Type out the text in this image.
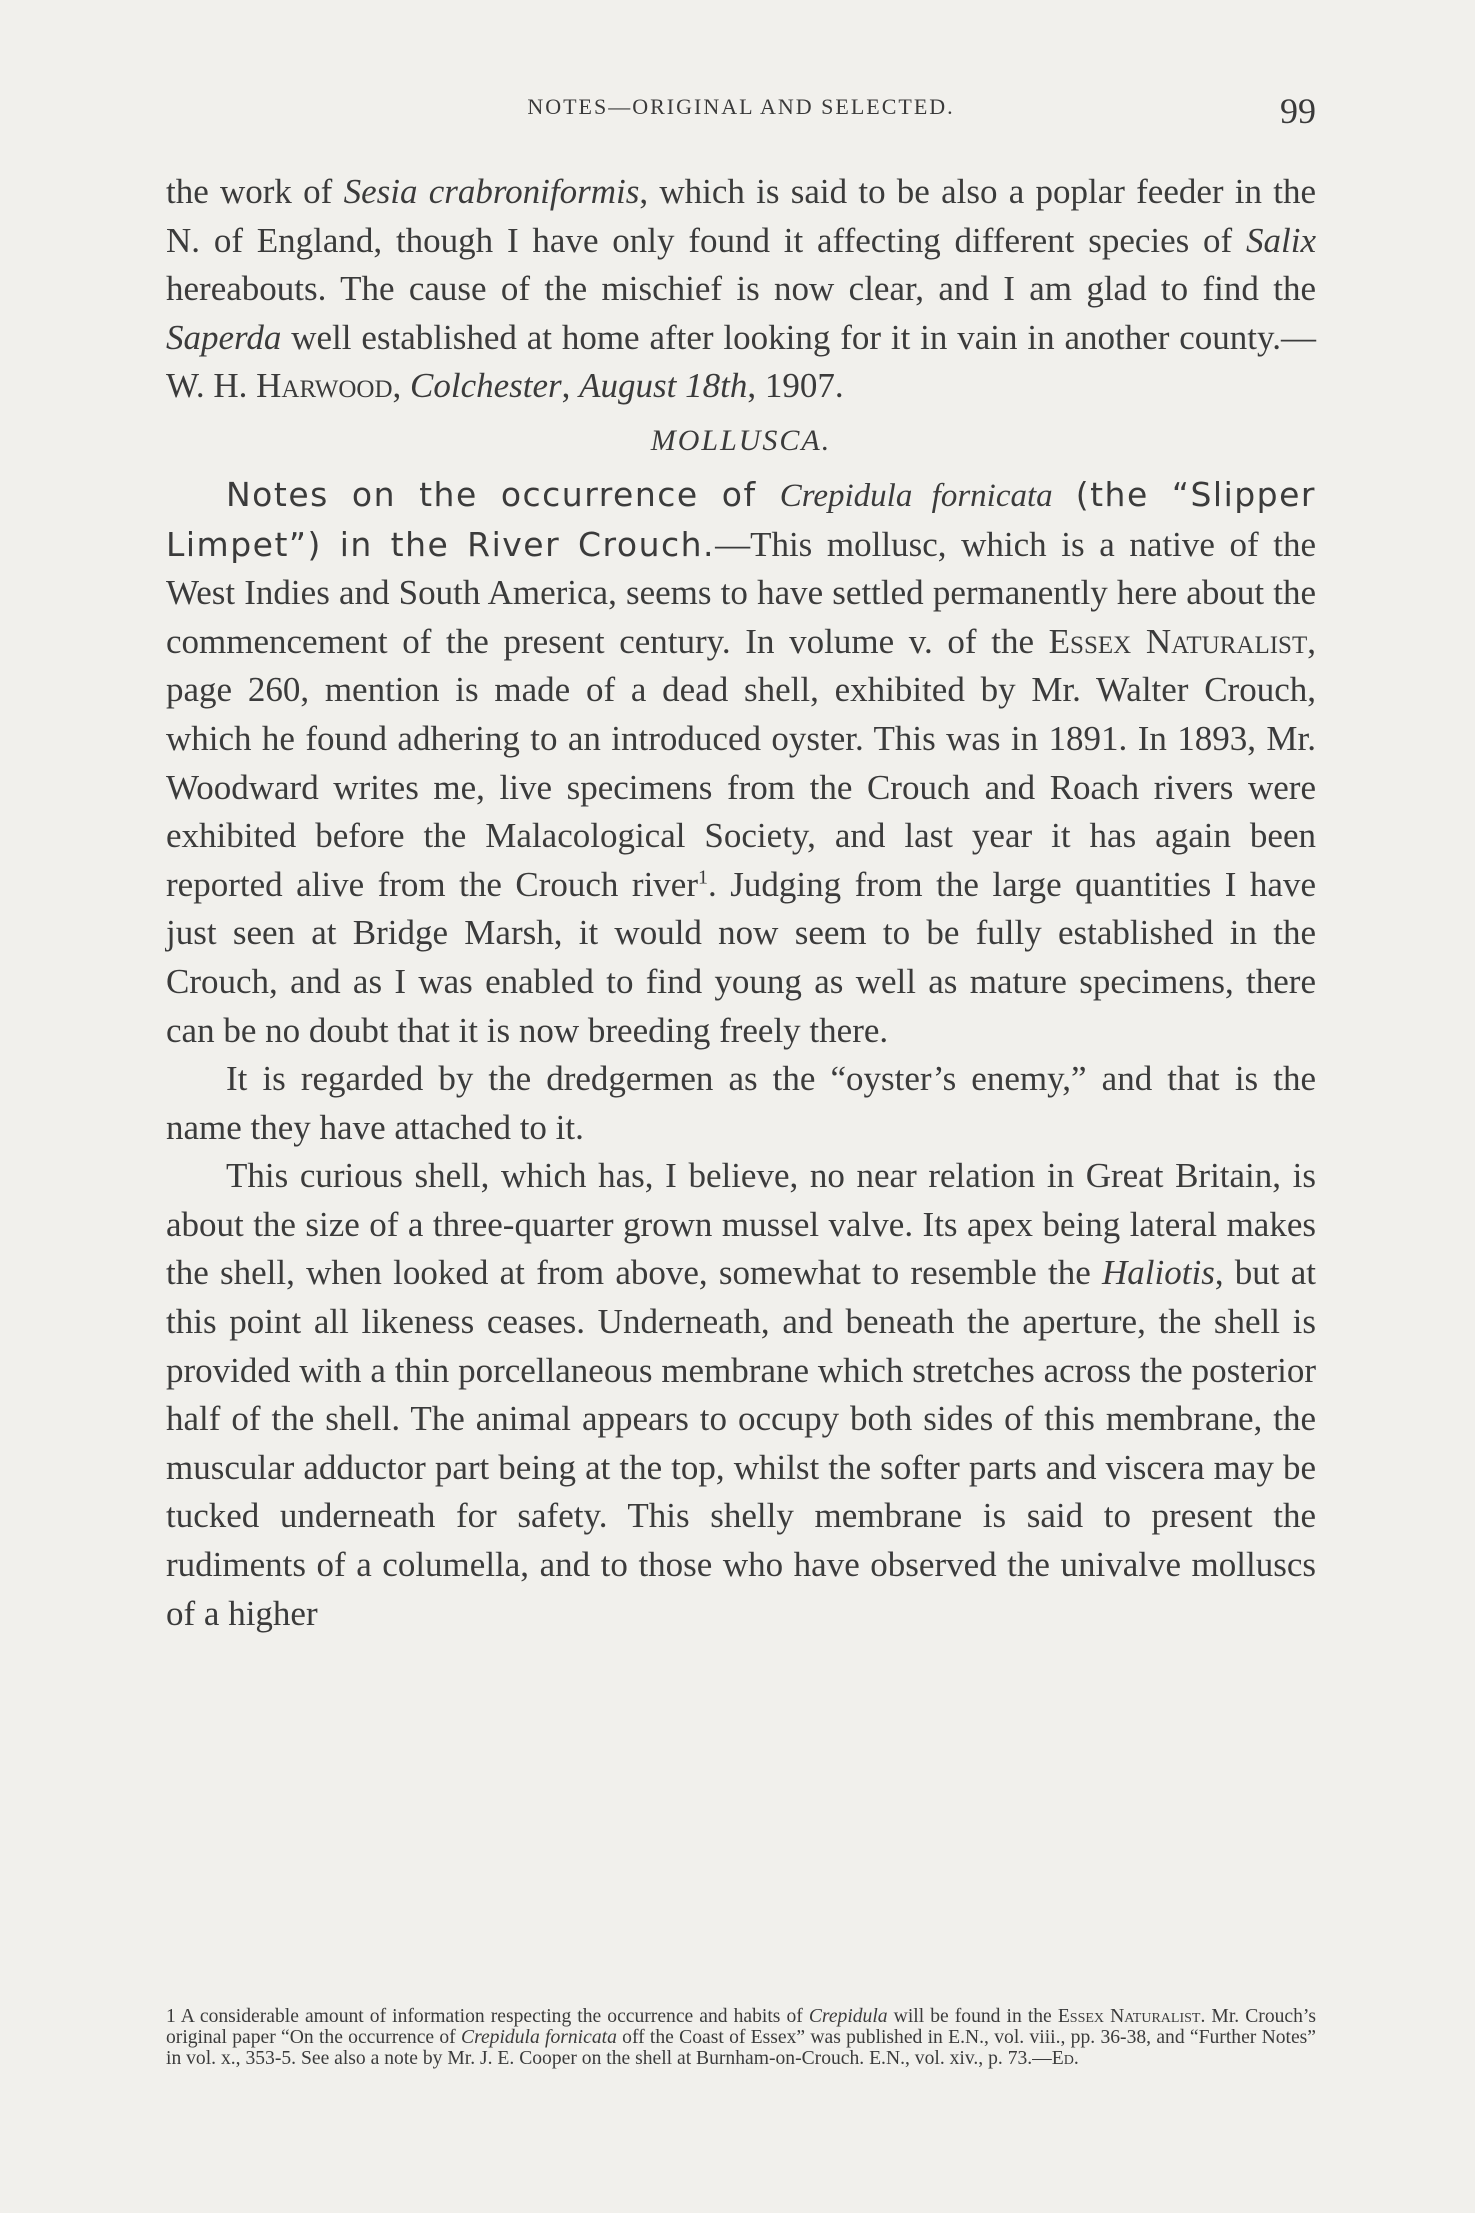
NOTES—ORIGINAL AND SELECTED.	99

the work of Sesia crabroniformis, which is said to be also a poplar feeder in the N. of England, though I have only found it affecting different species of Salix hereabouts. The cause of the mischief is now clear, and I am glad to find the Saperda well established at home after looking for it in vain in another county.—W. H. Harwood, Colchester, August 18th, 1907.

MOLLUSCA.

Notes on the occurrence of Crepidula fornicata (the “Slipper Limpet”) in the River Crouch.—This mollusc, which is a native of the West Indies and South America, seems to have settled permanently here about the commencement of the present century. In volume v. of the Essex Naturalist, page 260, mention is made of a dead shell, exhibited by Mr. Walter Crouch, which he found adhering to an introduced oyster. This was in 1891. In 1893, Mr. Woodward writes me, live specimens from the Crouch and Roach rivers were exhibited before the Malacological Society, and last year it has again been reported alive from the Crouch river$^1$. Judging from the large quantities I have just seen at Bridge Marsh, it would now seem to be fully established in the Crouch, and as I was enabled to find young as well as mature specimens, there can be no doubt that it is now breeding freely there.

It is regarded by the dredgermen as the “oyster’s enemy,” and that is the name they have attached to it.

This curious shell, which has, I believe, no near relation in Great Britain, is about the size of a three-quarter grown mussel valve. Its apex being lateral makes the shell, when looked at from above, somewhat to resemble the Haliotis, but at this point all likeness ceases. Underneath, and beneath the aperture, the shell is provided with a thin porcellaneous membrane which stretches across the posterior half of the shell. The animal appears to occupy both sides of this membrane, the muscular adductor part being at the top, whilst the softer parts and viscera may be tucked underneath for safety. This shelly membrane is said to present the rudiments of a columella, and to those who have observed the univalve molluscs of a higher

1 A considerable amount of information respecting the occurrence and habits of Crepidula will be found in the Essex Naturalist. Mr. Crouch’s original paper “On the occurrence of Crepidula fornicata off the Coast of Essex” was published in E.N., vol. viii., pp. 36-38, and “Further Notes” in vol. x., 353-5. See also a note by Mr. J. E. Cooper on the shell at Burnham-on-Crouch. E.N., vol. xiv., p. 73.—Ed.
